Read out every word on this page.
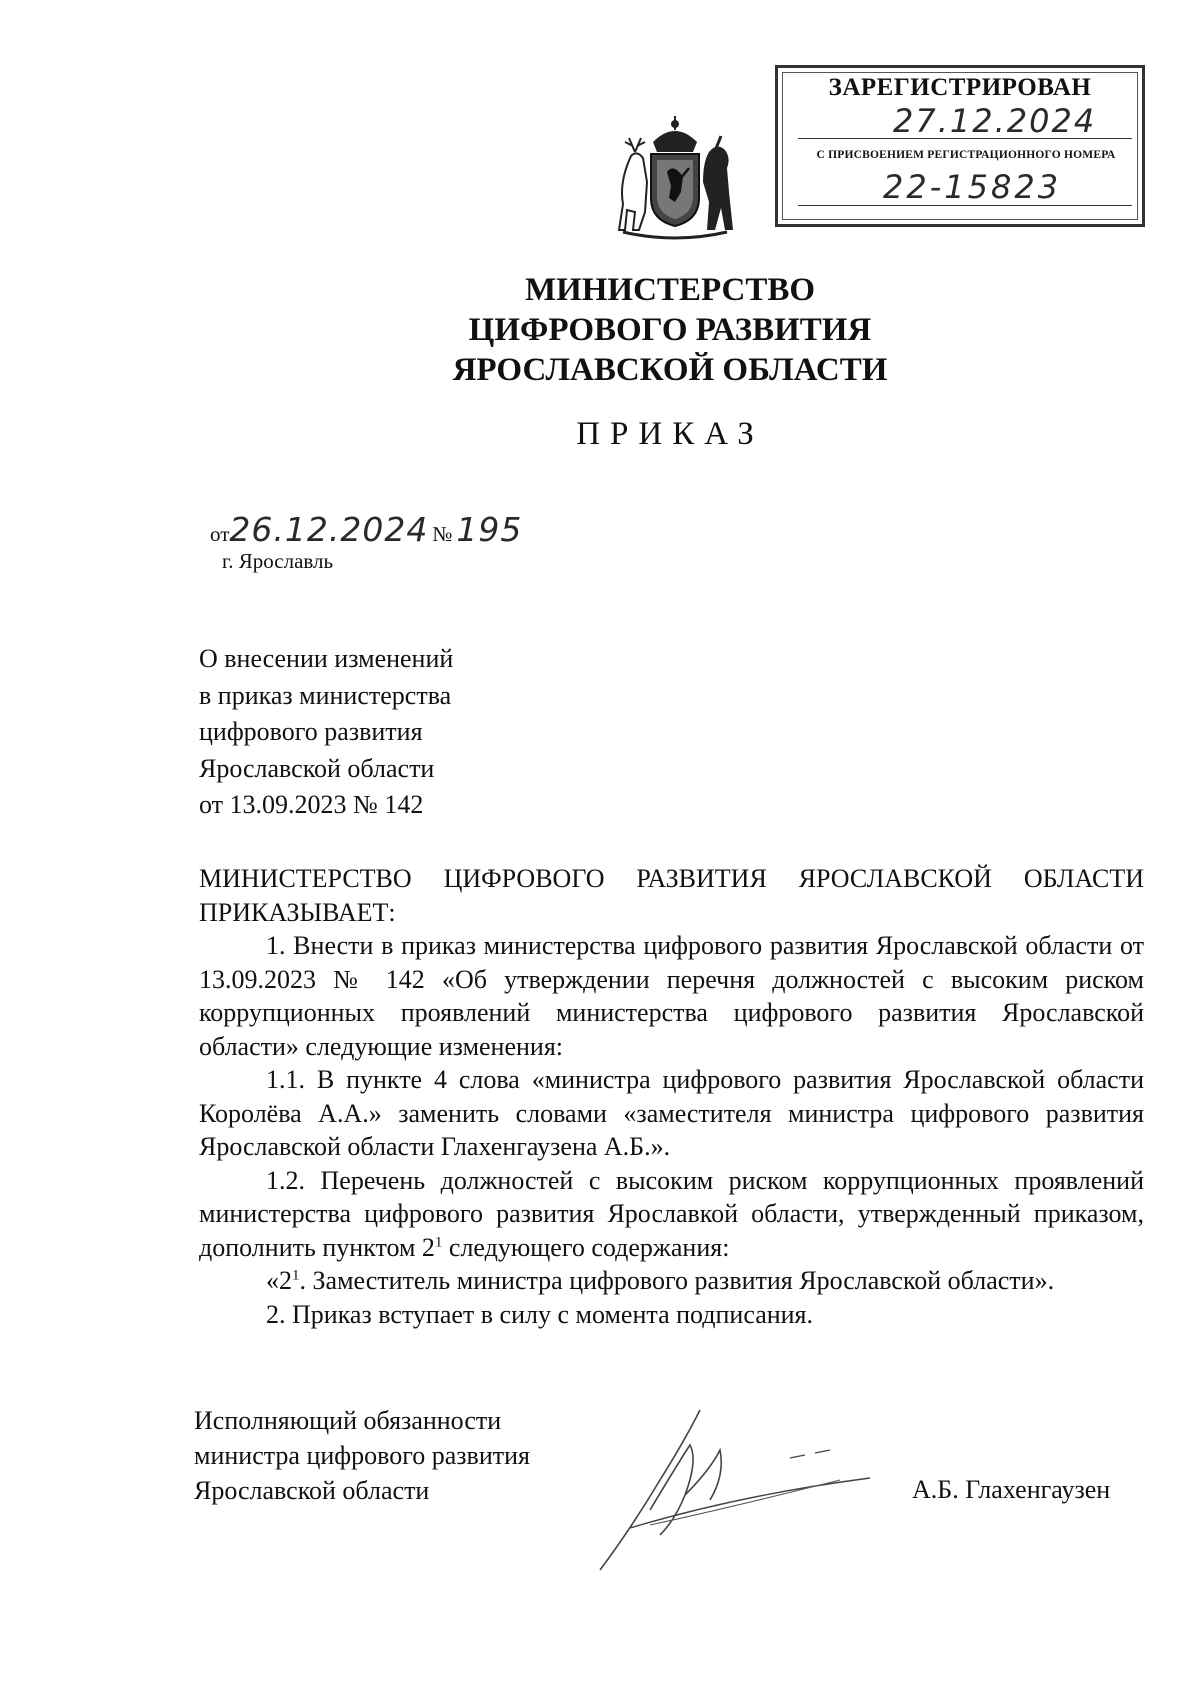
ЗАРЕГИСТРИРОВАН
27.12.2024
С ПРИСВОЕНИЕМ РЕГИСТРАЦИОННОГО НОМЕРА
22-15823
МИНИСТЕРСТВО
ЦИФРОВОГО РАЗВИТИЯ
ЯРОСЛАВСКОЙ ОБЛАСТИ
ПРИКАЗ
от26.12.2024 № 195
г. Ярославль
О внесении изменений
в приказ министерства
цифрового развития
Ярославской области
от 13.09.2023 № 142

МИНИСТЕРСТВО ЦИФРОВОГО РАЗВИТИЯ ЯРОСЛАВСКОЙ ОБЛАСТИ ПРИКАЗЫВАЕТ:

1. Внести в приказ министерства цифрового развития Ярославской области от 13.09.2023 № 142 «Об утверждении перечня должностей с высоким риском коррупционных проявлений министерства цифрового развития Ярославской области» следующие изменения:

1.1. В пункте 4 слова «министра цифрового развития Ярославской области Королёва А.А.» заменить словами «заместителя министра цифрового развития Ярославской области Глахенгаузена А.Б.».

1.2. Перечень должностей с высоким риском коррупционных проявлений министерства цифрового развития Ярославкой области, утвержденный приказом, дополнить пунктом $2^1$ следующего содержания:

«$2^1$. Заместитель министра цифрового развития Ярославской области».

2. Приказ вступает в силу с момента подписания.

Исполняющий обязанности
министра цифрового развития
Ярославской области	А.Б. Глахенгаузен
